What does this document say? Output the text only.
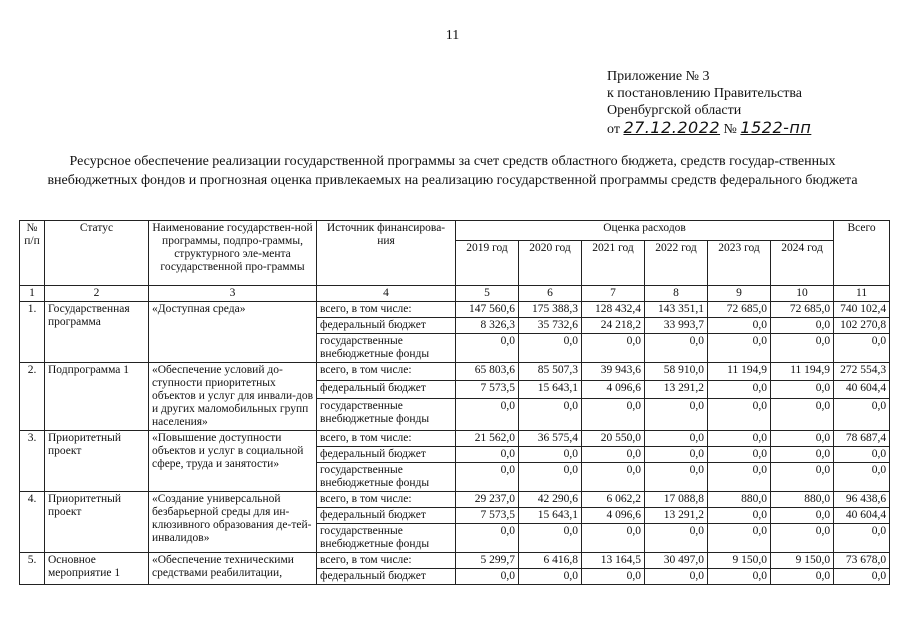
11
Приложение № 3
к постановлению Правительства
Оренбургской области
от 27.12.2022 № 1522-пп
Ресурсное обеспечение реализации государственной программы за счет средств областного бюджета, средств государ-ственных внебюджетных фондов и прогнозная оценка привлекаемых на реализацию государственной программы средств федерального бюджета
№ п/п	Статус	Наименование государствен-ной программы, подпро-граммы, структурного эле-мента государственной про-граммы	Источник финансирова-ния	Оценка расходов						Всего
				2019 год	2020 год	2021 год	2022 год	2023 год	2024 год	
1	2	3	4	5	6	7	8	9	10	11
1.	Государственная программа	«Доступная среда»	всего, в том числе:	147 560,6	175 388,3	128 432,4	143 351,1	72 685,0	72 685,0	740 102,4
			федеральный бюджет	8 326,3	35 732,6	24 218,2	33 993,7	0,0	0,0	102 270,8
			государственные внебюджетные фонды	0,0	0,0	0,0	0,0	0,0	0,0	0,0
2.	Подпрограмма 1	«Обеспечение условий до-ступности приоритетных объектов и услуг для инвали-дов и других маломобильных групп населения»	всего, в том числе:	65 803,6	85 507,3	39 943,6	58 910,0	11 194,9	11 194,9	272 554,3
			федеральный бюджет	7 573,5	15 643,1	4 096,6	13 291,2	0,0	0,0	40 604,4
			государственные внебюджетные фонды	0,0	0,0	0,0	0,0	0,0	0,0	0,0
3.	Приоритетный проект	«Повышение доступности объектов и услуг в социальной сфере, труда и занятости»	всего, в том числе:	21 562,0	36 575,4	20 550,0	0,0	0,0	0,0	78 687,4
			федеральный бюджет	0,0	0,0	0,0	0,0	0,0	0,0	0,0
			государственные внебюджетные фонды	0,0	0,0	0,0	0,0	0,0	0,0	0,0
4.	Приоритетный проект	«Создание универсальной безбарьерной среды для ин-клюзивного образования де-тей-инвалидов»	всего, в том числе:	29 237,0	42 290,6	6 062,2	17 088,8	880,0	880,0	96 438,6
			федеральный бюджет	7 573,5	15 643,1	4 096,6	13 291,2	0,0	0,0	40 604,4
			государственные внебюджетные фонды	0,0	0,0	0,0	0,0	0,0	0,0	0,0
5.	Основное мероприятие 1	«Обеспечение техническими средствами реабилитации,	всего, в том числе:	5 299,7	6 416,8	13 164,5	30 497,0	9 150,0	9 150,0	73 678,0
			федеральный бюджет	0,0	0,0	0,0	0,0	0,0	0,0	0,0
